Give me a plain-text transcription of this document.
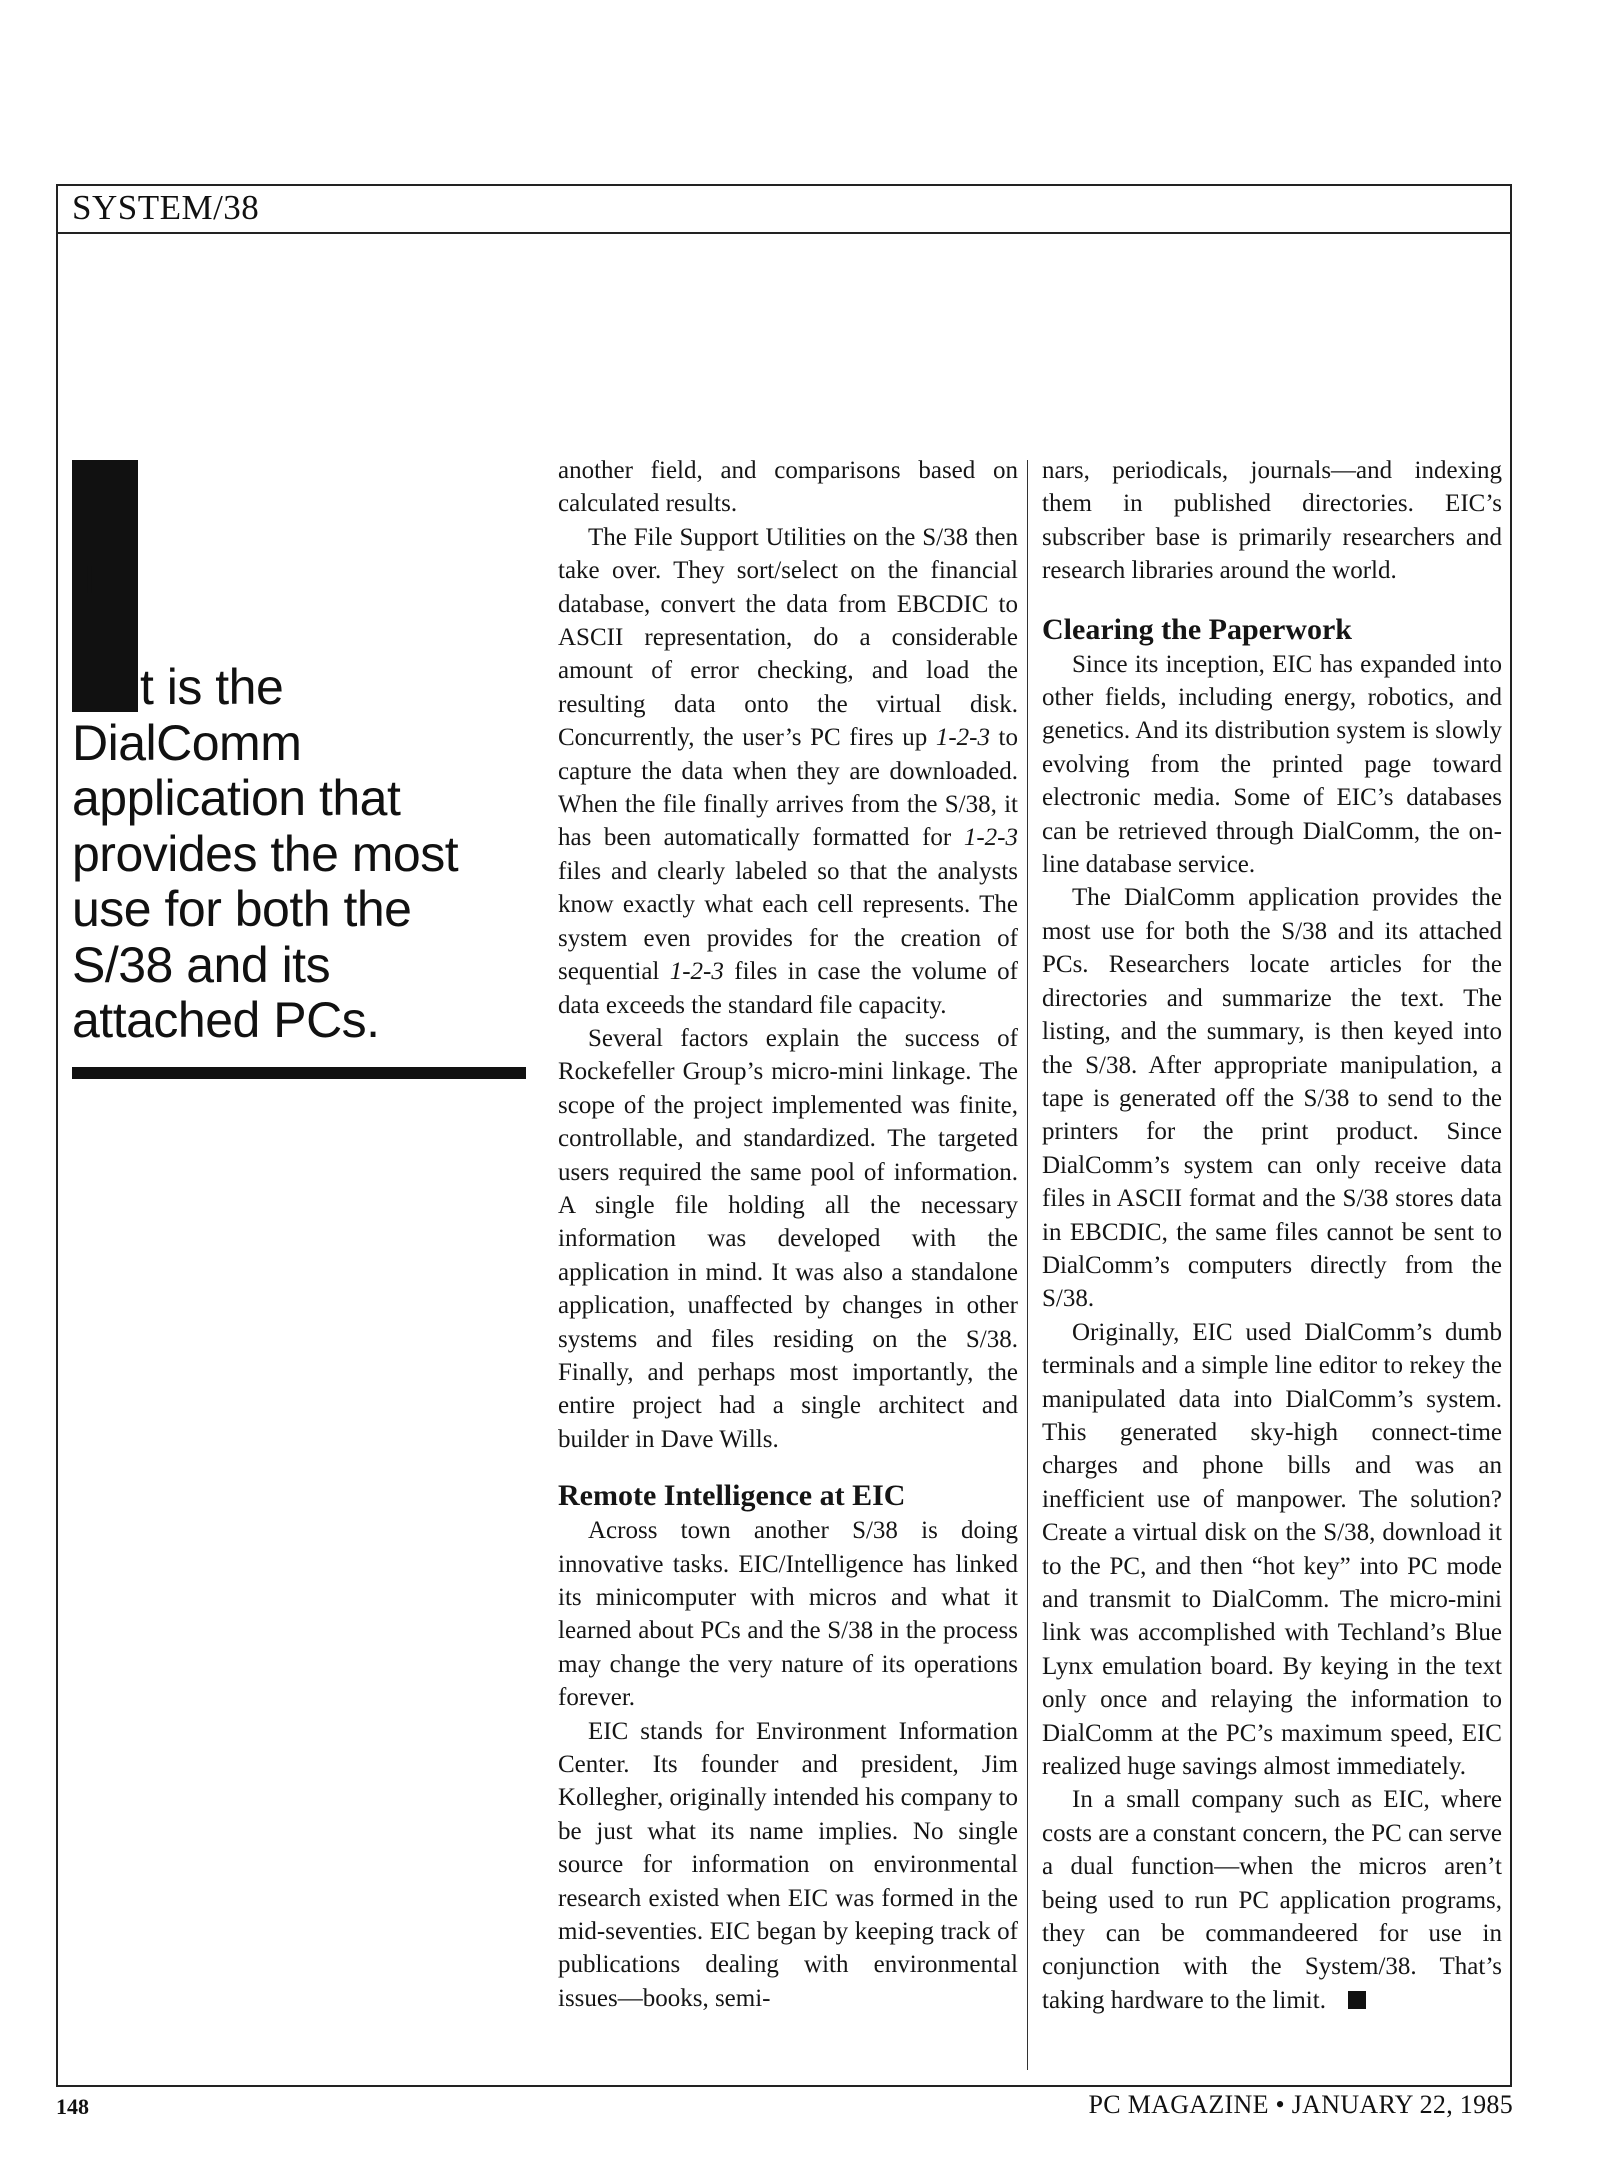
SYSTEM/38
I
t is the
DialComm
application that
provides the most
use for both the
S/38 and its
attached PCs.

another field, and comparisons based on calculated results.

The File Support Utilities on the S/38 then take over. They sort/select on the financial database, convert the data from EBCDIC to ASCII representation, do a considerable amount of error checking, and load the resulting data onto the virtual disk. Concurrently, the user’s PC fires up 1-2-3 to capture the data when they are downloaded. When the file finally arrives from the S/38, it has been automatically formatted for 1-2-3 files and clearly labeled so that the analysts know exactly what each cell represents. The system even provides for the creation of sequential 1-2-3 files in case the volume of data exceeds the standard file capacity.

Several factors explain the success of Rockefeller Group’s micro-mini linkage. The scope of the project implemented was finite, controllable, and standardized. The targeted users required the same pool of information. A single file holding all the necessary information was developed with the application in mind. It was also a standalone application, unaffected by changes in other systems and files residing on the S/38. Finally, and perhaps most importantly, the entire project had a single architect and builder in Dave Wills.

Remote Intelligence at EIC

Across town another S/38 is doing innovative tasks. EIC/Intelligence has linked its minicomputer with micros and what it learned about PCs and the S/38 in the process may change the very nature of its operations forever.

EIC stands for Environment Information Center. Its founder and president, Jim Kollegher, originally intended his company to be just what its name implies. No single source for information on environmental research existed when EIC was formed in the mid-seventies. EIC began by keeping track of publications dealing with environmental issues—books, semi-

nars, periodicals, journals—and indexing them in published directories. EIC’s subscriber base is primarily researchers and research libraries around the world.

Clearing the Paperwork

Since its inception, EIC has expanded into other fields, including energy, robotics, and genetics. And its distribution system is slowly evolving from the printed page toward electronic media. Some of EIC’s databases can be retrieved through DialComm, the on-line database service.

The DialComm application provides the most use for both the S/38 and its attached PCs. Researchers locate articles for the directories and summarize the text. The listing, and the summary, is then keyed into the S/38. After appropriate manipulation, a tape is generated off the S/38 to send to the printers for the print product. Since DialComm’s system can only receive data files in ASCII format and the S/38 stores data in EBCDIC, the same files cannot be sent to DialComm’s computers directly from the S/38.

Originally, EIC used DialComm’s dumb terminals and a simple line editor to rekey the manipulated data into DialComm’s system. This generated sky-high connect-time charges and phone bills and was an inefficient use of manpower. The solution? Create a virtual disk on the S/38, download it to the PC, and then “hot key” into PC mode and transmit to DialComm. The micro-mini link was accomplished with Techland’s Blue Lynx emulation board. By keying in the text only once and relaying the information to DialComm at the PC’s maximum speed, EIC realized huge savings almost immediately.

In a small company such as EIC, where costs are a constant concern, the PC can serve a dual function—when the micros aren’t being used to run PC application programs, they can be commandeered for use in conjunction with the System/38. That’s taking hardware to the limit.

148	PC MAGAZINE • JANUARY 22, 1985
